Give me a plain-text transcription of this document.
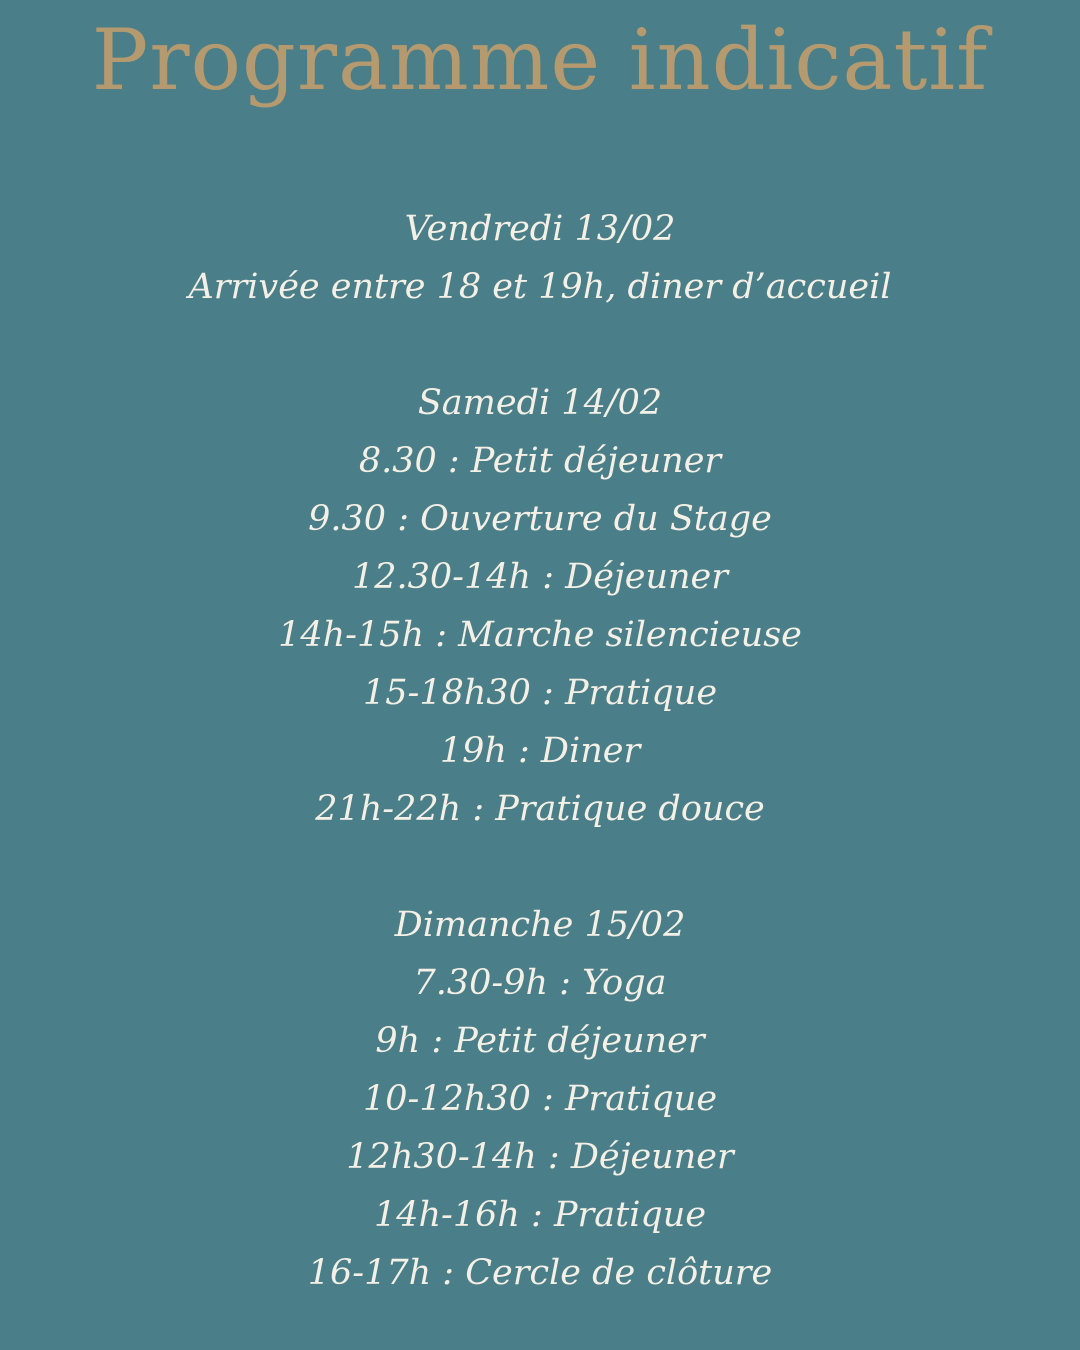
Programme indicatif
Vendredi 13/02
Arrivée entre 18 et 19h, diner d’accueil
Samedi 14/02
8.30 : Petit déjeuner
9.30 : Ouverture du Stage
12.30-14h : Déjeuner
14h-15h : Marche silencieuse
15-18h30 : Pratique
19h : Diner
21h-22h : Pratique douce
Dimanche 15/02
7.30-9h : Yoga
9h : Petit déjeuner
10-12h30 : Pratique
12h30-14h : Déjeuner
14h-16h : Pratique
16-17h : Cercle de clôture
